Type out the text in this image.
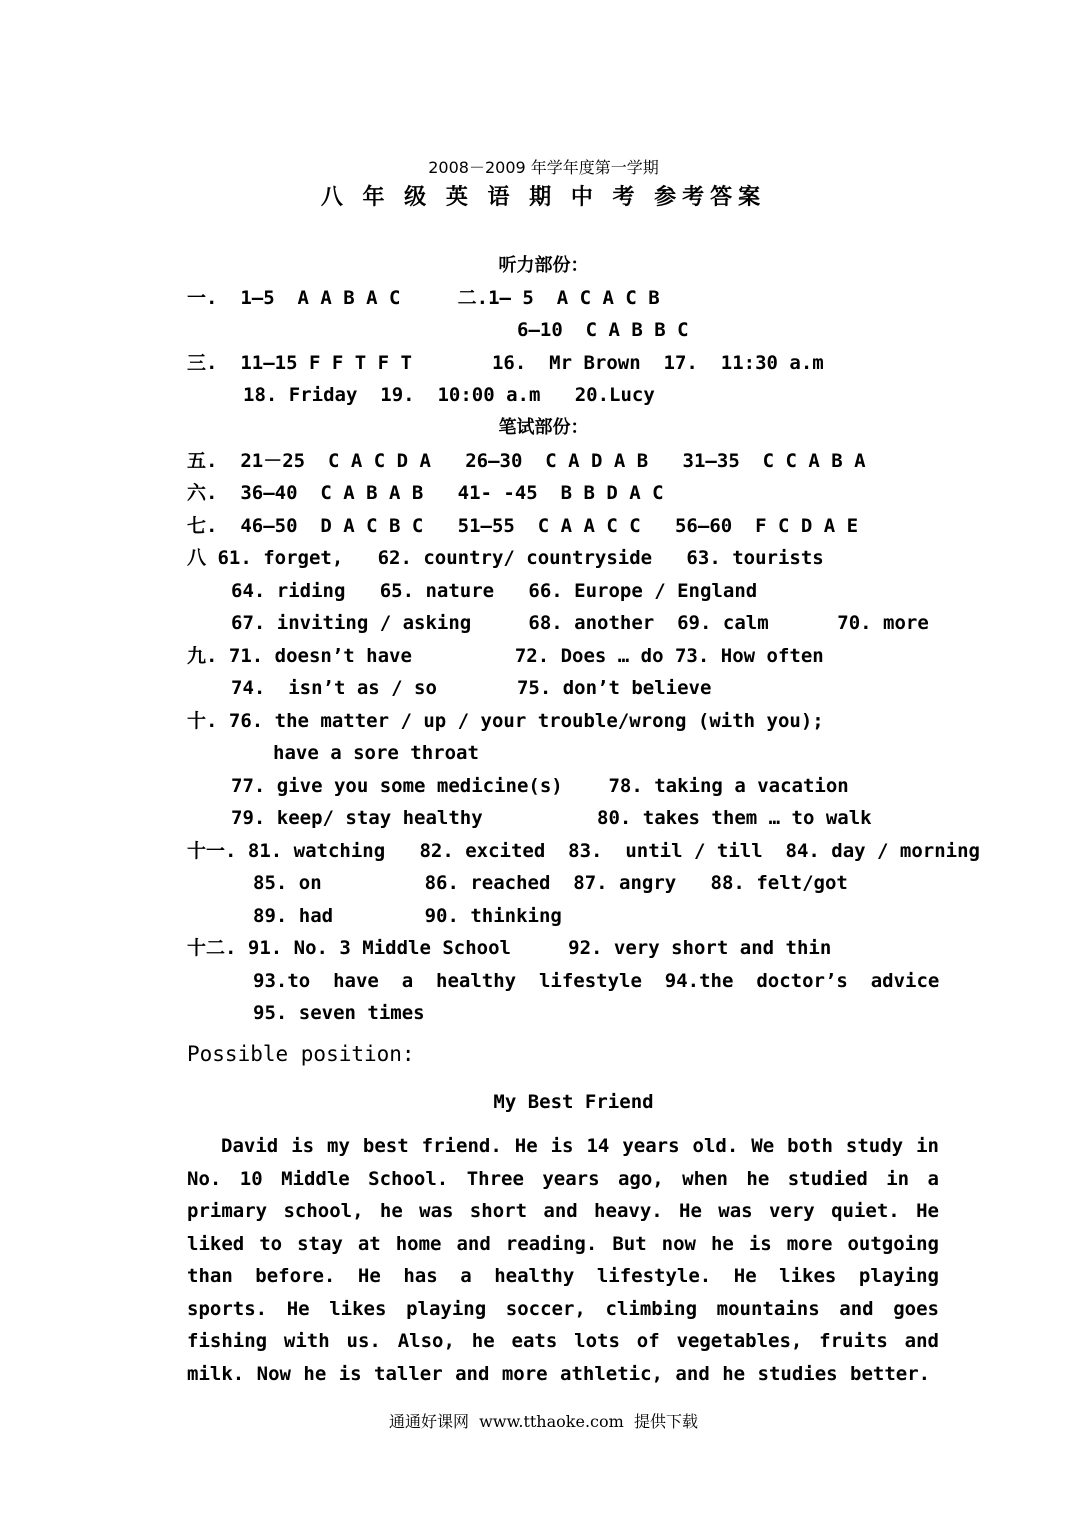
2008－2009 年学年度第一学期
八 年 级 英 语 期 中 考 参考答案
听力部份：
一.  1—5  A A B A C     二.1— 5  A C A C B
6—10  C A B B C
三.  11—15 F F T F T       16.  Mr Brown  17.  11:30 a.m
18. Friday  19.  10:00 a.m   20.Lucy
笔试部份：
五.  21－25  C A C D A   26—30  C A D A B   31—35  C C A B A
六.  36—40  C A B A B   41- -45  B B D A C
七.  46—50  D A C B C   51—55  C A A C C   56—60  F C D A E
八 61. forget,   62. country/ countryside   63. tourists
64. riding   65. nature   66. Europe / England
67. inviting / asking     68. another  69. calm      70. more
九. 71. doesn’t have         72. Does … do 73. How often
74.  isn’t as / so       75. don’t believe
十. 76. the matter / up / your trouble/wrong (with you);
have a sore throat
77. give you some medicine(s)    78. taking a vacation
79. keep/ stay healthy          80. takes them … to walk
十一. 81. watching   82. excited  83.  until / till  84. day / morning
85. on         86. reached  87. angry   88. felt/got
89. had        90. thinking
十二. 91. No. 3 Middle School     92. very short and thin
93.to  have  a  healthy  lifestyle  94.the  doctor’s  advice
95. seven times
Possible position:
My Best Friend
David is my best friend. He is 14 years old. We both study in No. 10 Middle School. Three years ago, when he studied in a primary school, he was short and heavy. He was very quiet. He liked to stay at home and reading. But now he is more outgoing than before. He has a healthy lifestyle. He likes playing sports. He likes playing soccer, climbing mountains and goes fishing with us. Also, he eats lots of vegetables, fruits and milk. Now he is taller and more athletic, and he studies better.
通通好课网  www.tthaoke.com  提供下载
